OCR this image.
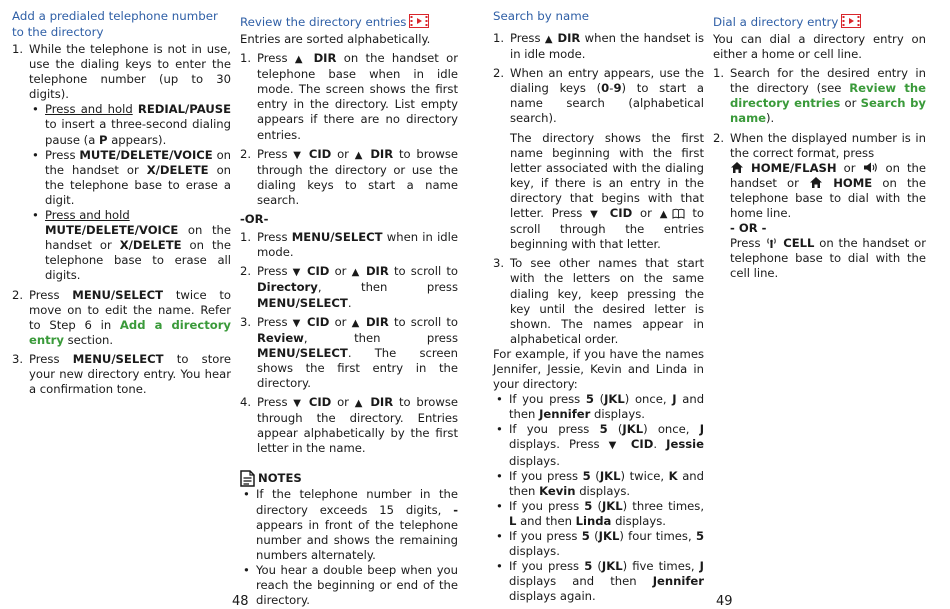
Add a predialed telephone number to the directory
1. While the telephone is not in use, use the dialing keys to enter the telephone number (up to 30 digits).
• Press and hold REDIAL/PAUSE to insert a three-second dialing pause (a P appears).
• Press MUTE/DELETE/VOICE on the handset or X/DELETE on the telephone base to erase a digit.
• Press and hold
MUTE/DELETE/VOICE on the handset or X/DELETE on the telephone base to erase all digits.
2. Press MENU/SELECT twice to move on to edit the name. Refer to Step 6 in Add a directory entry section.
3. Press MENU/SELECT to store your new directory entry. You hear a confirmation tone.
Review the directory entries

Entries are sorted alphabetically.

1. Press ▲ DIR on the handset or telephone base when in idle mode. The screen shows the first entry in the directory. List empty appears if there are no directory entries.
2. Press ▼ CID or ▲ DIR to browse through the directory or use the dialing keys to start a name search.
-OR-
1. Press MENU/SELECT when in idle mode.
2. Press ▼ CID or ▲ DIR to scroll to Directory, then press MENU/SELECT.
3. Press ▼ CID or ▲ DIR to scroll to Review, then press MENU/SELECT. The screen shows the first entry in the directory.
4. Press ▼ CID or ▲ DIR to browse through the directory. Entries appear alphabetically by the first letter in the name.
NOTES
• If the telephone number in the directory exceeds 15 digits, - appears in front of the telephone number and shows the remaining numbers alternately.
• You hear a double beep when you reach the beginning or end of the directory.
48
Search by name
1. Press ▲ DIR when the handset is in idle mode.
2. When an entry appears, use the dialing keys (0-9) to start a name search (alphabetical search).

The directory shows the first name beginning with the first letter associated with the dialing key, if there is an entry in the directory that begins with that letter. Press ▼ CID or ▲ to scroll through the entries beginning with that letter.

3. To see other names that start with the letters on the same dialing key, keep pressing the key until the desired letter is shown. The names appear in alphabetical order.

For example, if you have the names Jennifer, Jessie, Kevin and Linda in your directory:

• If you press 5 (JKL) once, J and then Jennifer displays.
• If you press 5 (JKL) once, J displays. Press ▼ CID. Jessie displays.
• If you press 5 (JKL) twice, K and then Kevin displays.
• If you press 5 (JKL) three times, L and then Linda displays.
• If you press 5 (JKL) four times, 5 displays.
• If you press 5 (JKL) five times, J displays and then Jennifer displays again.
Dial a directory entry

You can dial a directory entry on either a home or cell line.

1. Search for the desired entry in the directory (see Review the directory entries or Search by name).
2. When the displayed number is in the correct format, press
HOME/FLASH or	on the handset or	HOME on the telephone base to dial with the home line.
- OR -
Press CELL on the handset or telephone base to dial with the cell line.
49
